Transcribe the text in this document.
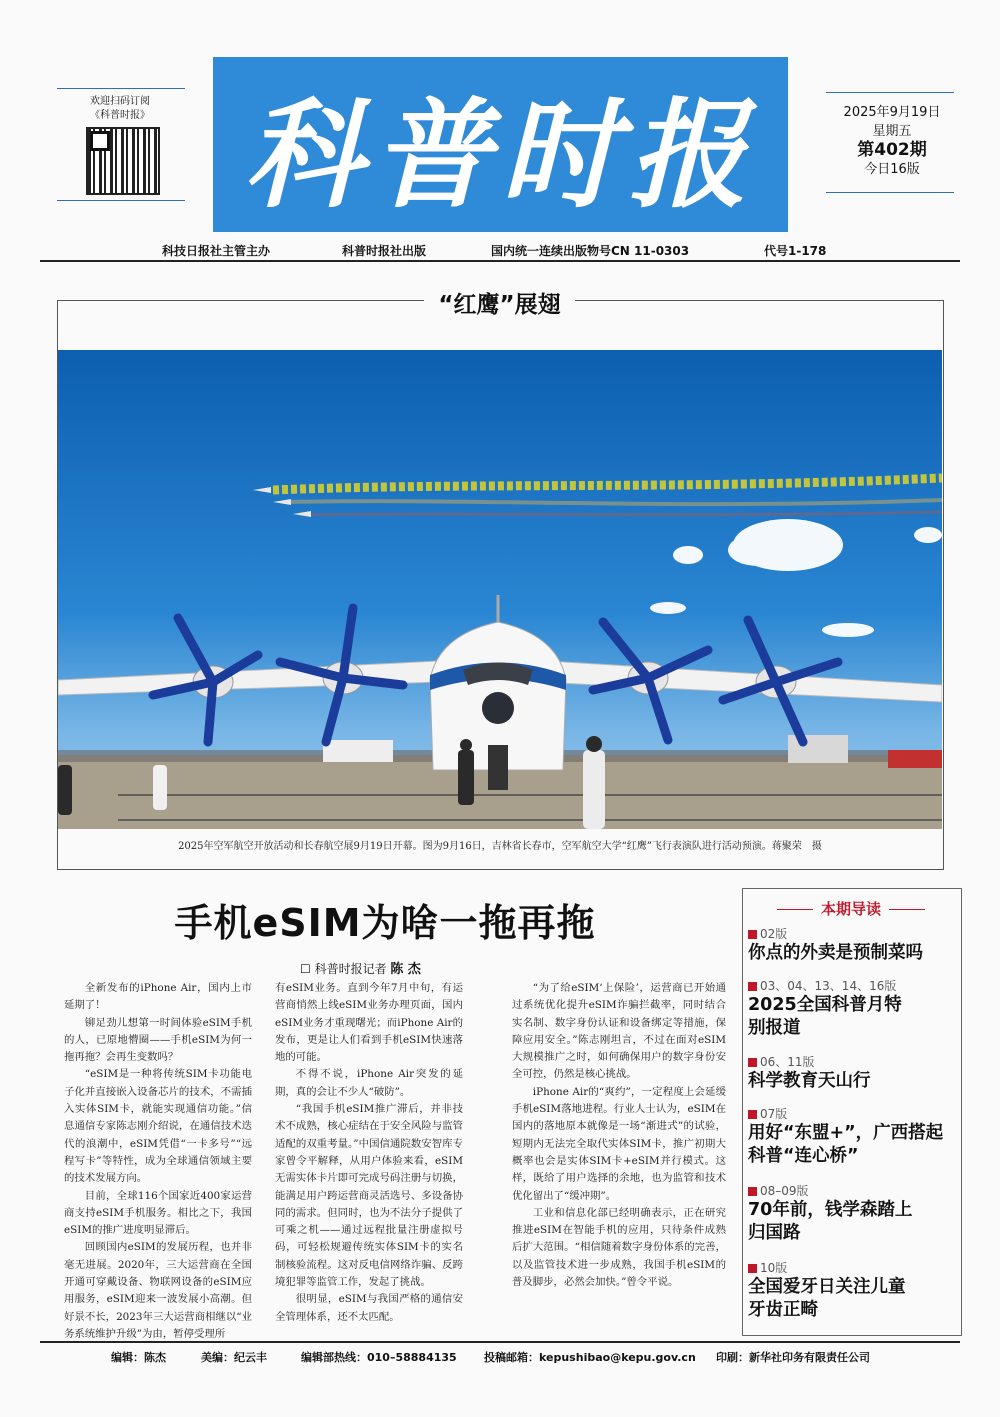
欢迎扫码订阅
《科普时报》 科普时报	2025年9月19日
星期五
第402期
今日16版
科技日报社主管主办	科普时报社出版	国内统一连续出版物号CN 11-0303	代号1-178
“红鹰”展翅
2025年空军航空开放活动和长春航空展9月19日开幕。图为9月16日，吉林省长春市，空军航空大学“红鹰”飞行表演队进行活动预演。蒋聚荣　摄
手机eSIM为啥一拖再拖
☐ 科普时报记者 陈 杰

全新发布的iPhone Air，国内上市延期了！

铆足劲儿想第一时间体验eSIM手机的人，已原地懵圈——手机eSIM为何一拖再拖？会再生变数吗？

“eSIM是一种将传统SIM卡功能电子化并直接嵌入设备芯片的技术，不需插入实体SIM卡，就能实现通信功能。”信息通信专家陈志刚介绍说，在通信技术迭代的浪潮中，eSIM凭借“一卡多号”“远程写卡”等特性，成为全球通信领域主要的技术发展方向。

目前，全球116个国家近400家运营商支持eSIM手机服务。相比之下，我国eSIM的推广进度明显滞后。

回顾国内eSIM的发展历程，也并非毫无进展。2020年，三大运营商在全国开通可穿戴设备、物联网设备的eSIM应用服务，eSIM迎来一波发展小高潮。但好景不长，2023年三大运营商相继以“业务系统维护升级”为由，暂停受理所

有eSIM业务。直到今年7月中旬，有运营商悄然上线eSIM业务办理页面，国内eSIM业务才重现曙光；而iPhone Air的发布，更是让人们看到手机eSIM快速落地的可能。

不得不说，iPhone Air突发的延期，真的会让不少人“破防”。

“我国手机eSIM推广滞后，并非技术不成熟，核心症结在于安全风险与监管适配的双重考量。”中国信通院数安智库专家曾令平解释，从用户体验来看，eSIM无需实体卡片即可完成号码注册与切换，能满足用户跨运营商灵活选号、多设备协同的需求。但同时，也为不法分子提供了可乘之机——通过远程批量注册虚拟号码，可轻松规避传统实体SIM卡的实名制核验流程。这对反电信网络诈骗、反跨境犯罪等监管工作，发起了挑战。

很明显，eSIM与我国严格的通信安全管理体系，还不太匹配。

“为了给eSIM‘上保险’，运营商已开始通过系统优化提升eSIM诈骗拦截率，同时结合实名制、数字身份认证和设备绑定等措施，保障应用安全。”陈志刚坦言，不过在面对eSIM大规模推广之时，如何确保用户的数字身份安全可控，仍然是核心挑战。

iPhone Air的“爽约”，一定程度上会延缓手机eSIM落地进程。行业人士认为，eSIM在国内的落地原本就像是一场“渐进式”的试验，短期内无法完全取代实体SIM卡，推广初期大概率也会是实体SIM卡+eSIM并行模式。这样，既给了用户选择的余地，也为监管和技术优化留出了“缓冲期”。

工业和信息化部已经明确表示，正在研究推进eSIM在智能手机的应用，只待条件成熟后扩大范围。“相信随着数字身份体系的完善，以及监管技术进一步成熟，我国手机eSIM的普及脚步，必然会加快。”曾令平说。

本期导读
02版
你点的外卖是预制菜吗
03、04、13、14、16版
2025全国科普月特别报道
06、11版
科学教育天山行
07版
用好“东盟+”，广西搭起科普“连心桥”
08–09版
70年前，钱学森踏上归国路
10版
全国爱牙日关注儿童牙齿正畸
编辑：陈杰	美编：纪云丰	编辑部热线：010–58884135 投稿邮箱：kepushibao@kepu.gov.cn 印刷：新华社印务有限责任公司
